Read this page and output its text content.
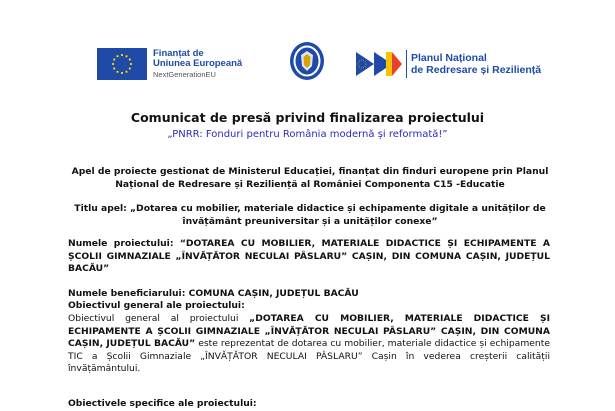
Finanțat de
Uniunea Europeană
NextGenerationEU
Planul Național
de Redresare și Reziliență
Comunicat de presă privind finalizarea proiectului
„PNRR: Fonduri pentru România modernă și reformată!”
Apel de proiecte gestionat de Ministerul Educației, finanțat din finduri europene prin Planul Național de Redresare și Reziliență al României Componenta C15 -Educatie
Titlu apel: „Dotarea cu mobilier, materiale didactice și echipamente digitale a unităților de învățământ preuniversitar și a unităților conexe”
Numele proiectului: “DOTAREA CU MOBILIER, MATERIALE DIDACTICE ȘI ECHIPAMENTE A ȘCOLII GIMNAZIALE „ÎNVĂȚĂTOR NECULAI PÂSLARU” CAȘIN, DIN COMUNA CAȘIN, JUDEȚUL BACĂU”
Numele beneficiarului: COMUNA CAȘIN, JUDEȚUL BACĂU
Obiectivul general ale proiectului:
Obiectivul general al proiectului „DOTAREA CU MOBILIER, MATERIALE DIDACTICE ȘI ECHIPAMENTE A ȘCOLII GIMNAZIALE „ÎNVĂȚĂTOR NECULAI PÂSLARU” CAȘIN, DIN COMUNA CAȘIN, JUDEȚUL BACĂU” este reprezentat de dotarea cu mobilier, materiale didactice și echipamente TIC a Școlii Gimnaziale „ÎNVĂȚĂTOR NECULAI PÂSLARU” Cașin în vederea creșterii calității învățământului.
Obiectivele specifice ale proiectului:
